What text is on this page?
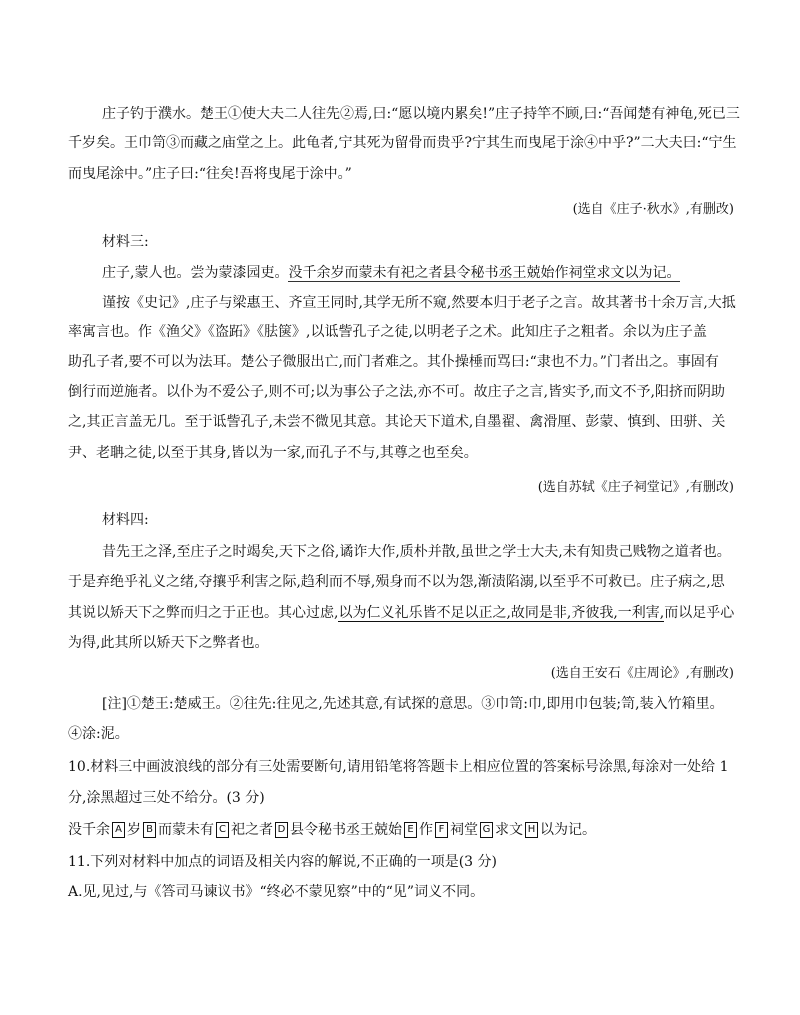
庄子钓于濮水。楚王①使大夫二人往先②焉,曰:“愿以境内累矣!”庄子持竿不顾,曰:“吾闻楚有神龟,死已三
千岁矣。王巾笥③而藏之庙堂之上。此龟者,宁其死为留骨而贵乎?宁其生而曳尾于涂④中乎?”二大夫曰:“宁生
而曳尾涂中。”庄子曰:“往矣!吾将曳尾于涂中。”
(选自《庄子·秋水》,有删改)
材料三:
庄子,蒙人也。尝为蒙漆园吏。没千余岁而蒙未有祀之者县令秘书丞王兢始作祠堂求文以为记。
谨按《史记》,庄子与梁惠王、齐宣王同时,其学无所不窥,然要本归于老子之言。故其著书十余万言,大抵
率寓言也。作《渔父》《盗跖》《胠箧》,以诋訾孔子之徒,以明老子之术。此知庄子之粗者。余以为庄子盖
助孔子者,要不可以为法耳。楚公子微服出亡,而门者难之。其仆操棰而骂曰:“隶也不力。”门者出之。事固有
倒行而逆施者。以仆为不爱公子,则不可;以为事公子之法,亦不可。故庄子之言,皆实予,而文不予,阳挤而阴助
之,其正言盖无几。至于诋訾孔子,未尝不微见其意。其论天下道术,自墨翟、禽滑厘、彭蒙、慎到、田骈、关
尹、老聃之徒,以至于其身,皆以为一家,而孔子不与,其尊之也至矣。
(选自苏轼《庄子祠堂记》,有删改)
材料四:
昔先王之泽,至庄子之时竭矣,天下之俗,谲诈大作,质朴并散,虽世之学士大夫,未有知贵己贱物之道者也。
于是弃绝乎礼义之绪,夺攘乎利害之际,趋利而不辱,殒身而不以为怨,渐渍陷溺,以至乎不可救已。庄子病之,思
其说以矫天下之弊而归之于正也。其心过虑,以为仁义礼乐皆不足以正之,故同是非,齐彼我,一利害,而以足乎心
为得,此其所以矫天下之弊者也。
(选自王安石《庄周论》,有删改)
[注]①楚王:楚威王。②往先:往见之,先述其意,有试探的意思。③巾笥:巾,即用巾包装;笥,装入竹箱里。
④涂:泥。
10.材料三中画波浪线的部分有三处需要断句,请用铅笔将答题卡上相应位置的答案标号涂黑,每涂对一处给 1
分,涂黑超过三处不给分。(3 分)
没千余 A 岁 B 而蒙未有 C 祀之者 D 县令秘书丞王兢始 E 作 F 祠堂 G 求文 H 以为记。
11.下列对材料中加点的词语及相关内容的解说,不正确的一项是(3 分)
A.见,见过,与《答司马谏议书》“终必不蒙见察”中的“见”词义不同。
